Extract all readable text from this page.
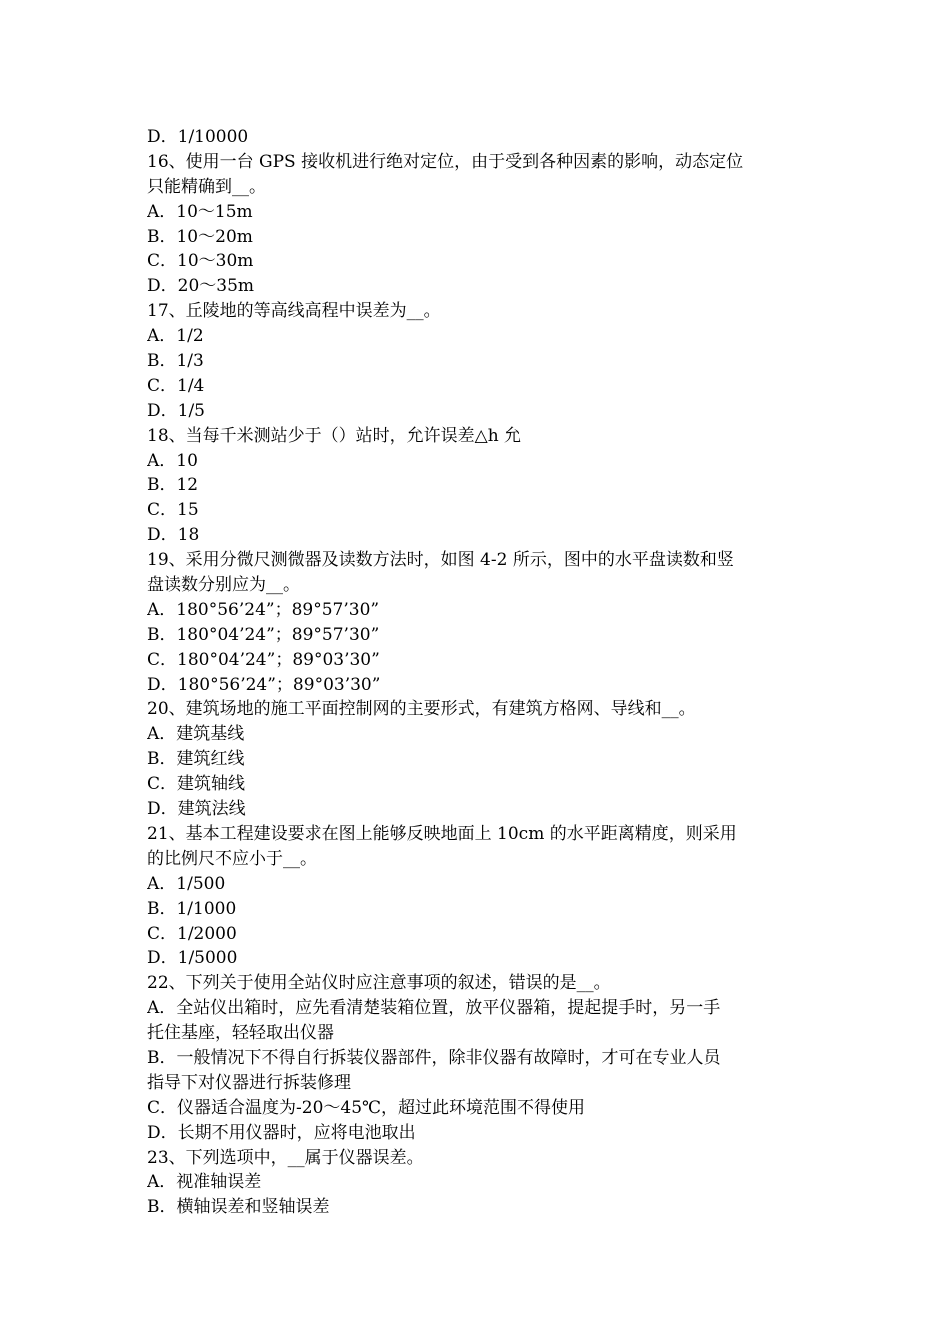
D．1/10000
16、使用一台 GPS 接收机进行绝对定位，由于受到各种因素的影响，动态定位
只能精确到__。
A．10～15m
B．10～20m
C．10～30m
D．20～35m
17、丘陵地的等高线高程中误差为__。
A．1/2
B．1/3
C．1/4
D．1/5
18、当每千米测站少于（）站时，允许误差△h 允
A．10
B．12
C．15
D．18
19、采用分微尺测微器及读数方法时，如图 4-2 所示，图中的水平盘读数和竖
盘读数分别应为__。
A．180°56’24”；89°57’30”
B．180°04’24”；89°57’30”
C．180°04’24”；89°03’30”
D．180°56’24”；89°03’30”
20、建筑场地的施工平面控制网的主要形式，有建筑方格网、导线和__。
A．建筑基线
B．建筑红线
C．建筑轴线
D．建筑法线
21、基本工程建设要求在图上能够反映地面上 10cm 的水平距离精度，则采用
的比例尺不应小于__。
A．1/500
B．1/1000
C．1/2000
D．1/5000
22、下列关于使用全站仪时应注意事项的叙述，错误的是__。
A．全站仪出箱时，应先看清楚装箱位置，放平仪器箱，提起提手时，另一手
托住基座，轻轻取出仪器
B．一般情况下不得自行拆装仪器部件，除非仪器有故障时，才可在专业人员
指导下对仪器进行拆装修理
C．仪器适合温度为-20～45℃，超过此环境范围不得使用
D．长期不用仪器时，应将电池取出
23、下列选项中，__属于仪器误差。
A．视准轴误差
B．横轴误差和竖轴误差
